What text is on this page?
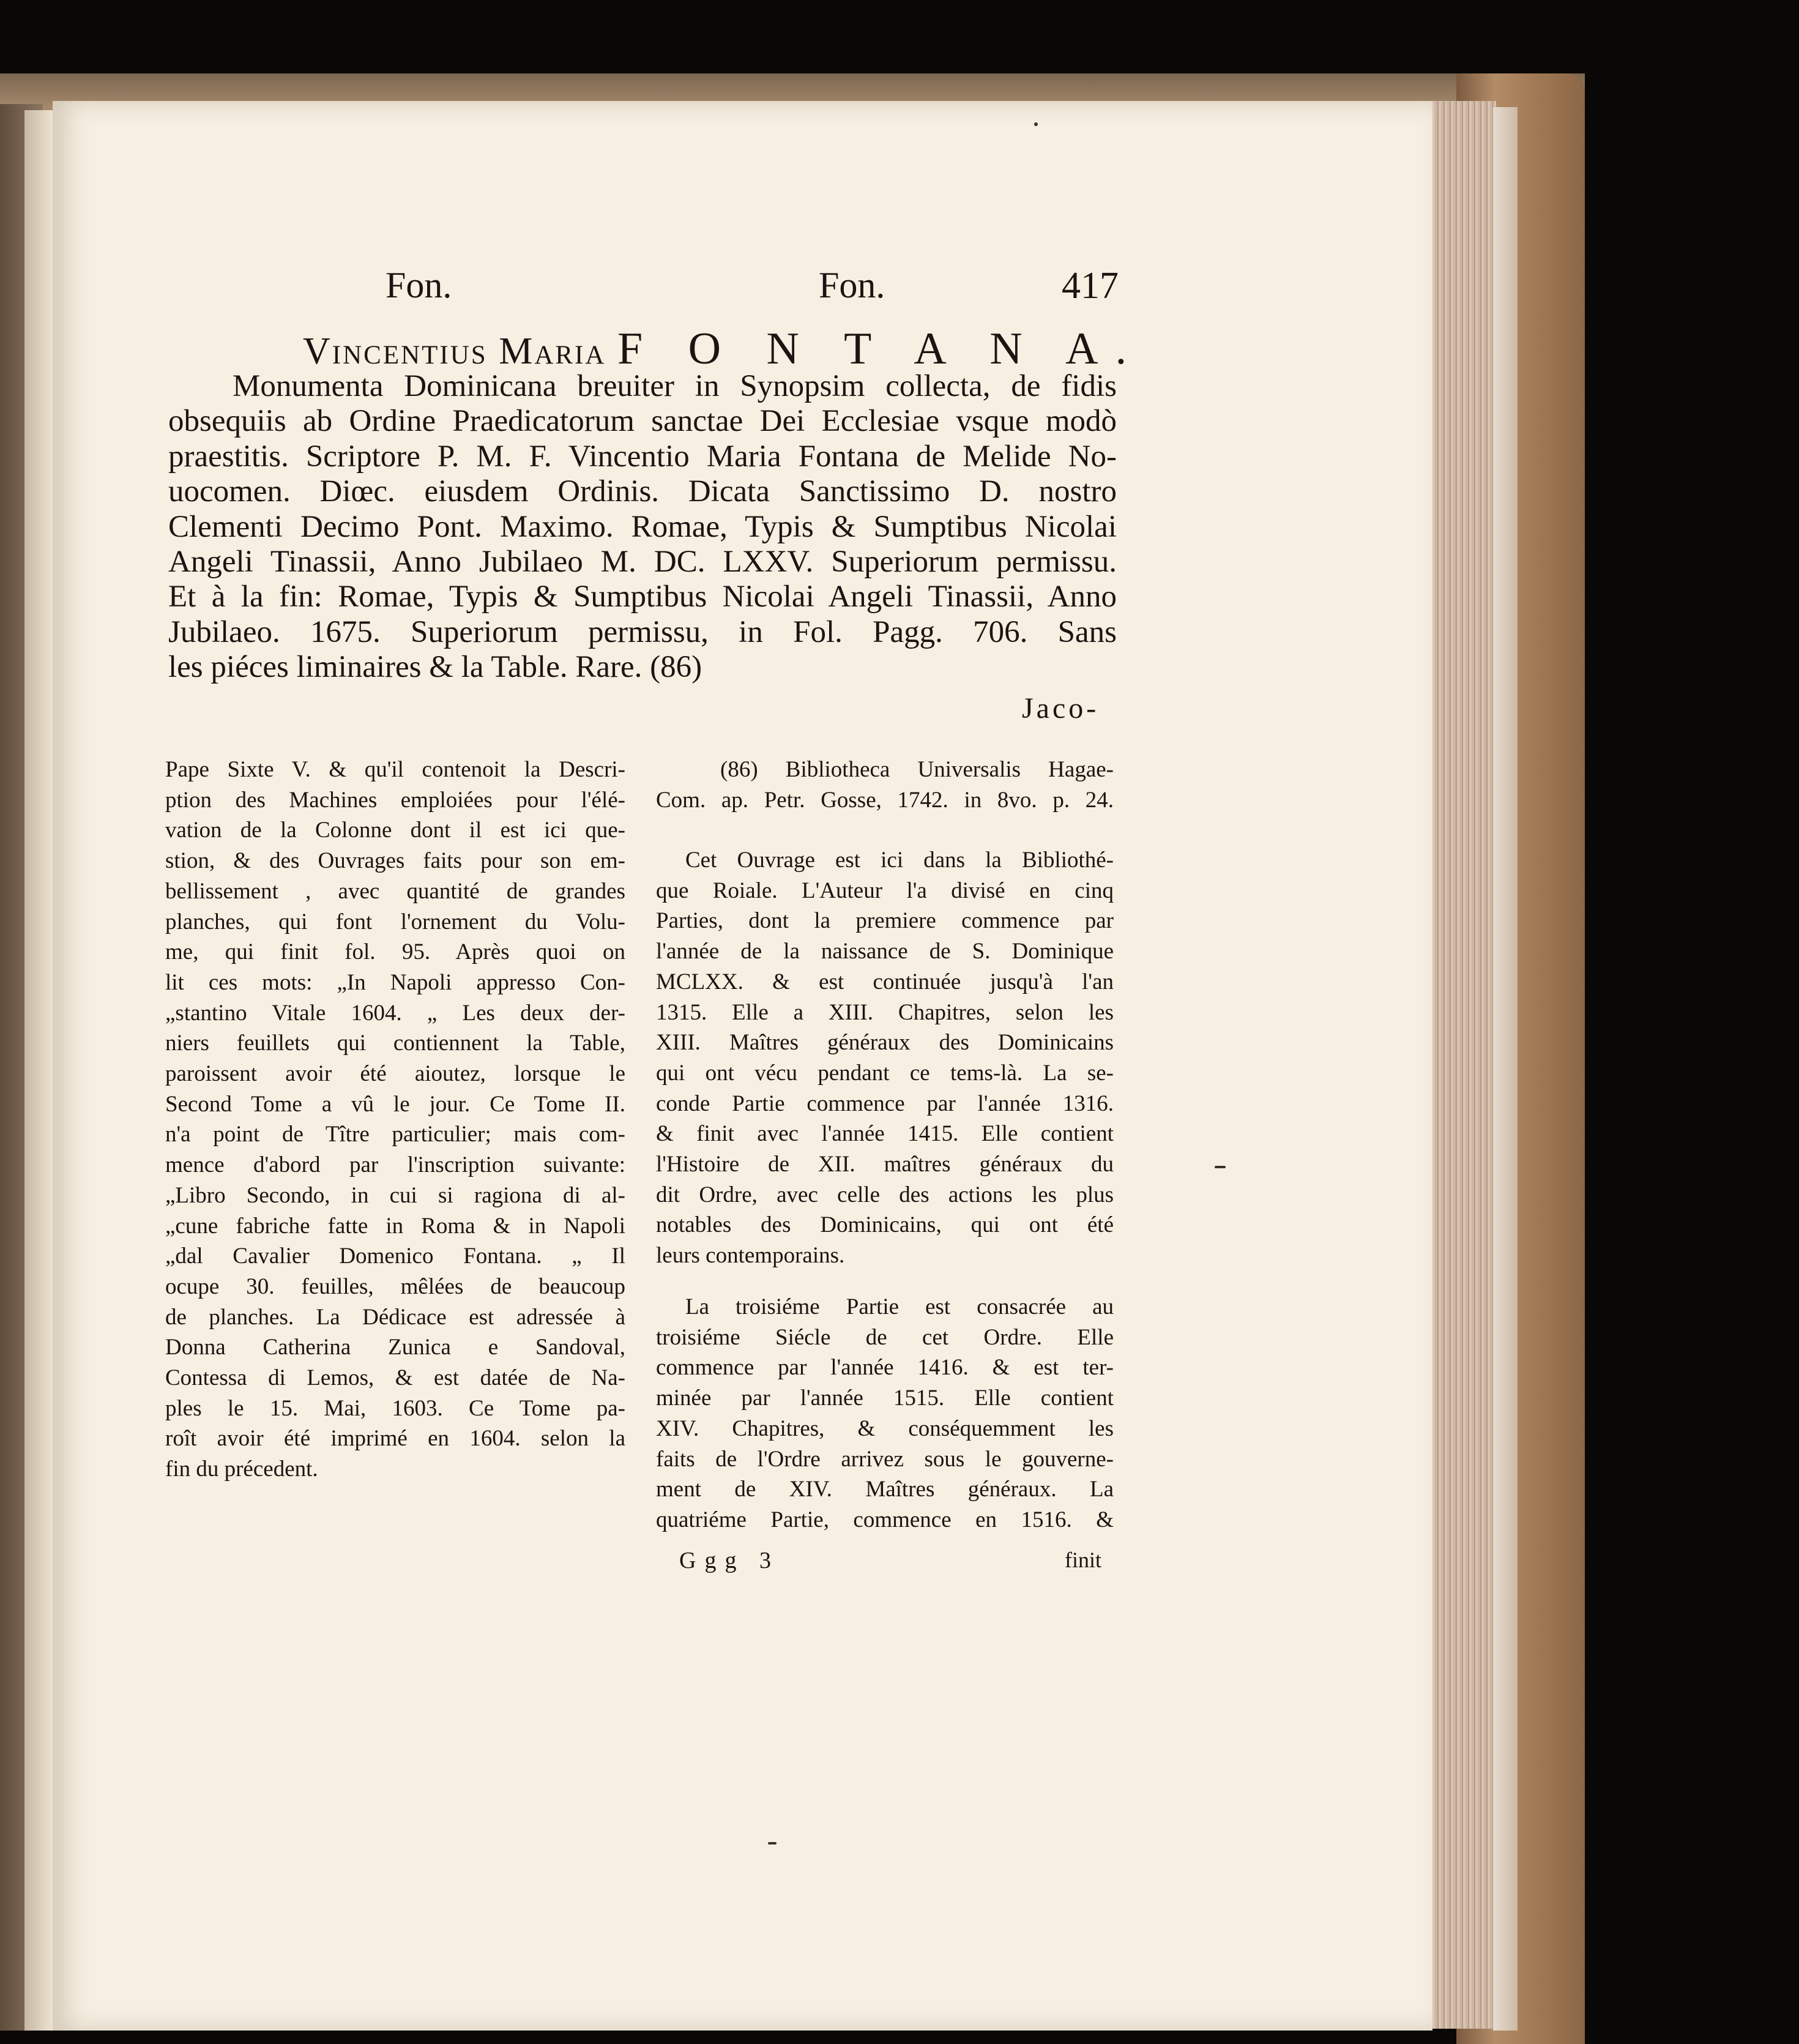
Fon.	Fon.	417
Vincentius Maria F O N T A N A.
Monumenta Dominicana breuiter in Synopsim collecta, de fidis
obsequiis ab Ordine Praedicatorum sanctae Dei Ecclesiae vsque modò
praestitis. Scriptore P. M. F. Vincentio Maria Fontana de Melide No-
uocomen. Diœc. eiusdem Ordinis. Dicata Sanctissimo D. nostro
Clementi Decimo Pont. Maximo. Romae, Typis & Sumptibus Nicolai
Angeli Tinassii, Anno Jubilaeo M. DC. LXXV. Superiorum permissu.
Et à la fin: Romae, Typis & Sumptibus Nicolai Angeli Tinassii, Anno
Jubilaeo. 1675. Superiorum permissu, in Fol. Pagg. 706. Sans
les piéces liminaires & la Table. Rare. (86)
Jaco-
Pape Sixte V. & qu'il contenoit la Descri-
ption des Machines emploiées pour l'élé-
vation de la Colonne dont il est ici que-
stion, & des Ouvrages faits pour son em-
bellissement , avec quantité de grandes
planches, qui font l'ornement du Volu-
me, qui finit fol. 95. Après quoi on
lit ces mots: „In Napoli appresso Con-
„stantino Vitale 1604. „ Les deux der-
niers feuillets qui contiennent la Table,
paroissent avoir été aioutez, lorsque le
Second Tome a vû le jour. Ce Tome II.
n'a point de Tître particulier; mais com-
mence d'abord par l'inscription suivante:
„Libro Secondo, in cui si ragiona di al-
„cune fabriche fatte in Roma & in Napoli
„dal Cavalier Domenico Fontana. „ Il
ocupe 30. feuilles, mêlées de beaucoup
de planches. La Dédicace est adressée à
Donna Catherina Zunica e Sandoval,
Contessa di Lemos, & est datée de Na-
ples le 15. Mai, 1603. Ce Tome pa-
roît avoir été imprimé en 1604. selon la
fin du précedent.
(86) Bibliotheca Universalis Hagae-
Com. ap. Petr. Gosse, 1742. in 8vo. p. 24.
Cet Ouvrage est ici dans la Bibliothé-
que Roiale. L'Auteur l'a divisé en cinq
Parties, dont la premiere commence par
l'année de la naissance de S. Dominique
MCLXX. & est continuée jusqu'à l'an
1315. Elle a XIII. Chapitres, selon les
XIII. Maîtres généraux des Dominicains
qui ont vécu pendant ce tems-là. La se-
conde Partie commence par l'année 1316.
& finit avec l'année 1415. Elle contient
l'Histoire de XII. maîtres généraux du
dit Ordre, avec celle des actions les plus
notables des Dominicains, qui ont été
leurs contemporains.
La troisiéme Partie est consacrée au
troisiéme Siécle de cet Ordre. Elle
commence par l'année 1416. & est ter-
minée par l'année 1515. Elle contient
XIV. Chapitres, & conséquemment les
faits de l'Ordre arrivez sous le gouverne-
ment de XIV. Maîtres généraux. La
quatriéme Partie, commence en 1516. &
Ggg 3	finit
